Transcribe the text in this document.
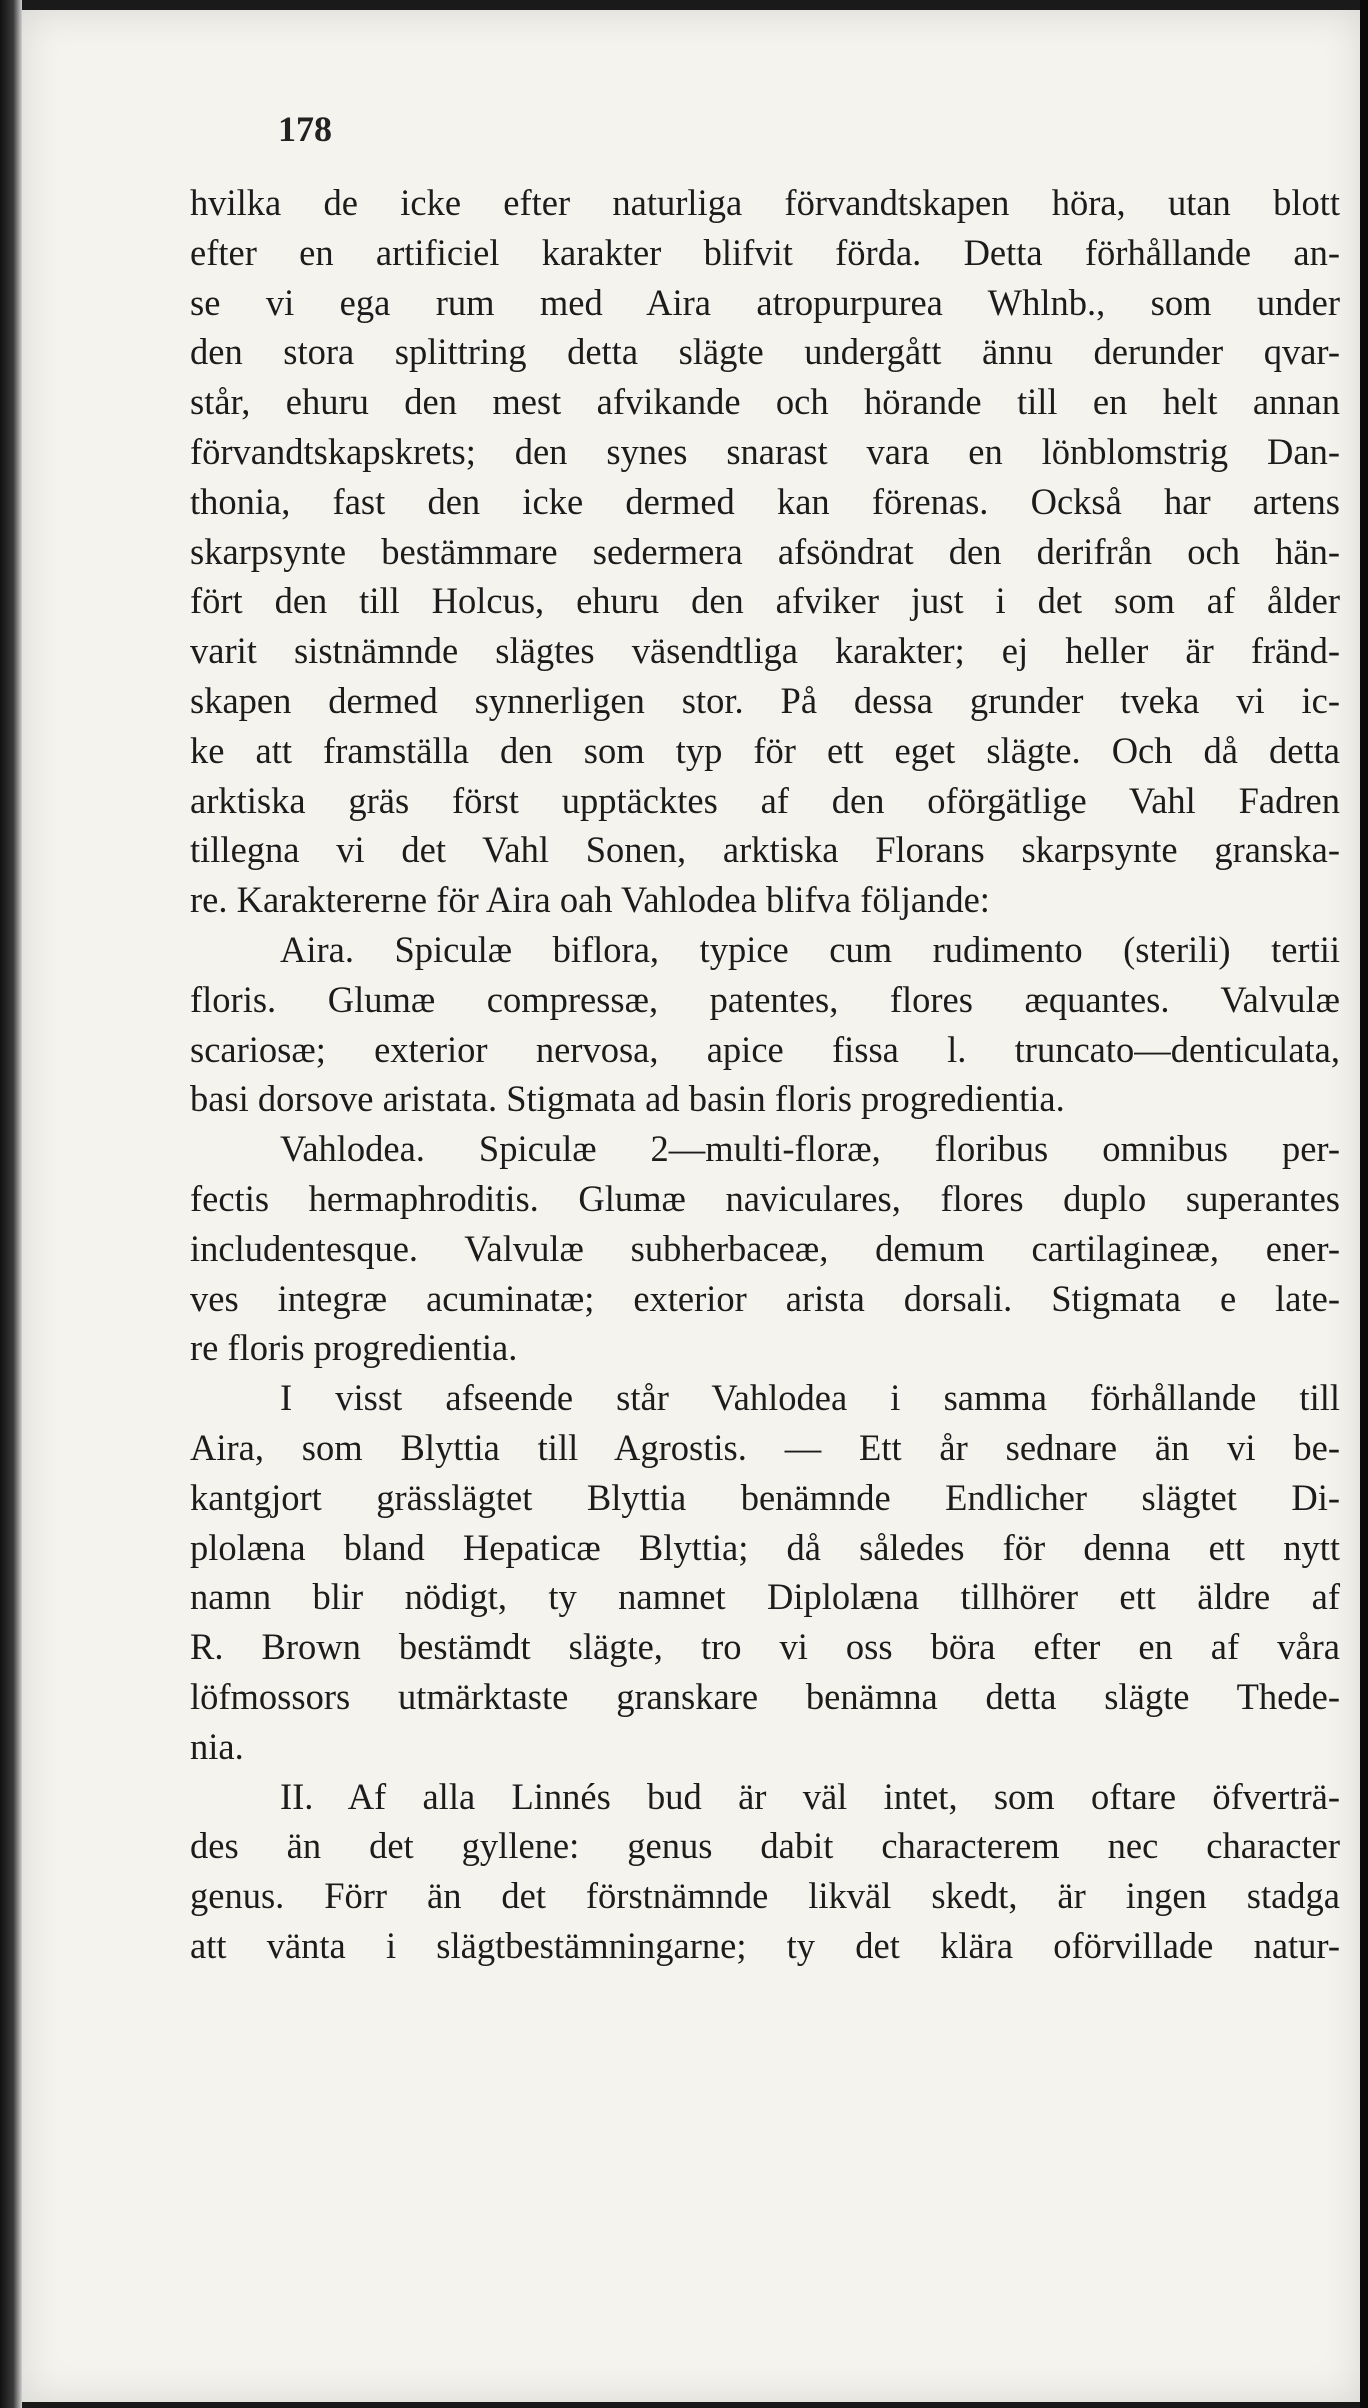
178
hvilka de icke efter naturliga förvandtskapen höra, utan blott
efter en artificiel karakter blifvit förda. Detta förhållande an-
se vi ega rum med Aira atropurpurea Whlnb., som under
den stora splittring detta slägte undergått ännu derunder qvar-
står, ehuru den mest afvikande och hörande till en helt annan
förvandtskapskrets; den synes snarast vara en lönblomstrig Dan-
thonia, fast den icke dermed kan förenas. Också har artens
skarpsynte bestämmare sedermera afsöndrat den derifrån och hän-
fört den till Holcus, ehuru den afviker just i det som af ålder
varit sistnämnde slägtes väsendtliga karakter; ej heller är fränd-
skapen dermed synnerligen stor. På dessa grunder tveka vi ic-
ke att framställa den som typ för ett eget slägte. Och då detta
arktiska gräs först upptäcktes af den oförgätlige Vahl Fadren
tillegna vi det Vahl Sonen, arktiska Florans skarpsynte granska-
re. Karaktererne för Aira oah Vahlodea blifva följande:
Aira. Spiculæ biflora, typice cum rudimento (sterili) tertii
floris. Glumæ compressæ, patentes, flores æquantes. Valvulæ
scariosæ; exterior nervosa, apice fissa l. truncato—denticulata,
basi dorsove aristata. Stigmata ad basin floris progredientia.
Vahlodea. Spiculæ 2—multi-floræ, floribus omnibus per-
fectis hermaphroditis. Glumæ naviculares, flores duplo superantes
includentesque. Valvulæ subherbaceæ, demum cartilagineæ, ener-
ves integræ acuminatæ; exterior arista dorsali. Stigmata e late-
re floris progredientia.
I visst afseende står Vahlodea i samma förhållande till
Aira, som Blyttia till Agrostis. — Ett år sednare än vi be-
kantgjort grässlägtet Blyttia benämnde Endlicher slägtet Di-
plolæna bland Hepaticæ Blyttia; då således för denna ett nytt
namn blir nödigt, ty namnet Diplolæna tillhörer ett äldre af
R. Brown bestämdt slägte, tro vi oss böra efter en af våra
löfmossors utmärktaste granskare benämna detta slägte Thede-
nia.
II. Af alla Linnés bud är väl intet, som oftare öfverträ-
des än det gyllene: genus dabit characterem nec character
genus. Förr än det förstnämnde likväl skedt, är ingen stadga
att vänta i slägtbestämningarne; ty det klära oförvillade natur-
